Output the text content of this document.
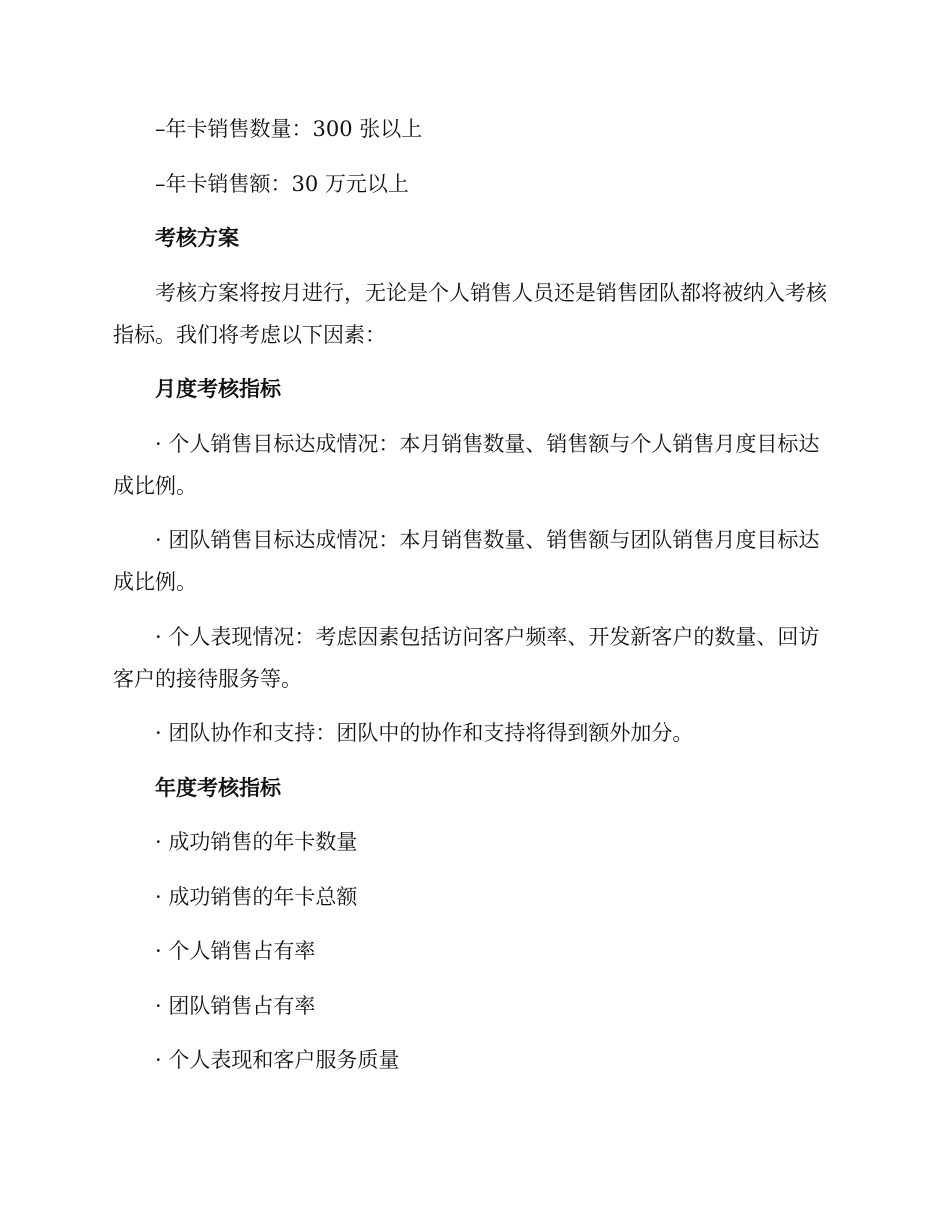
–年卡销售数量：300 张以上

–年卡销售额：30 万元以上

考核方案

考核方案将按月进行，无论是个人销售人员还是销售团队都将被纳入考核指标。我们将考虑以下因素：

月度考核指标

· 个人销售目标达成情况：本月销售数量、销售额与个人销售月度目标达成比例。

· 团队销售目标达成情况：本月销售数量、销售额与团队销售月度目标达成比例。

· 个人表现情况：考虑因素包括访问客户频率、开发新客户的数量、回访客户的接待服务等。

· 团队协作和支持：团队中的协作和支持将得到额外加分。

年度考核指标

· 成功销售的年卡数量

· 成功销售的年卡总额

· 个人销售占有率

· 团队销售占有率

· 个人表现和客户服务质量
